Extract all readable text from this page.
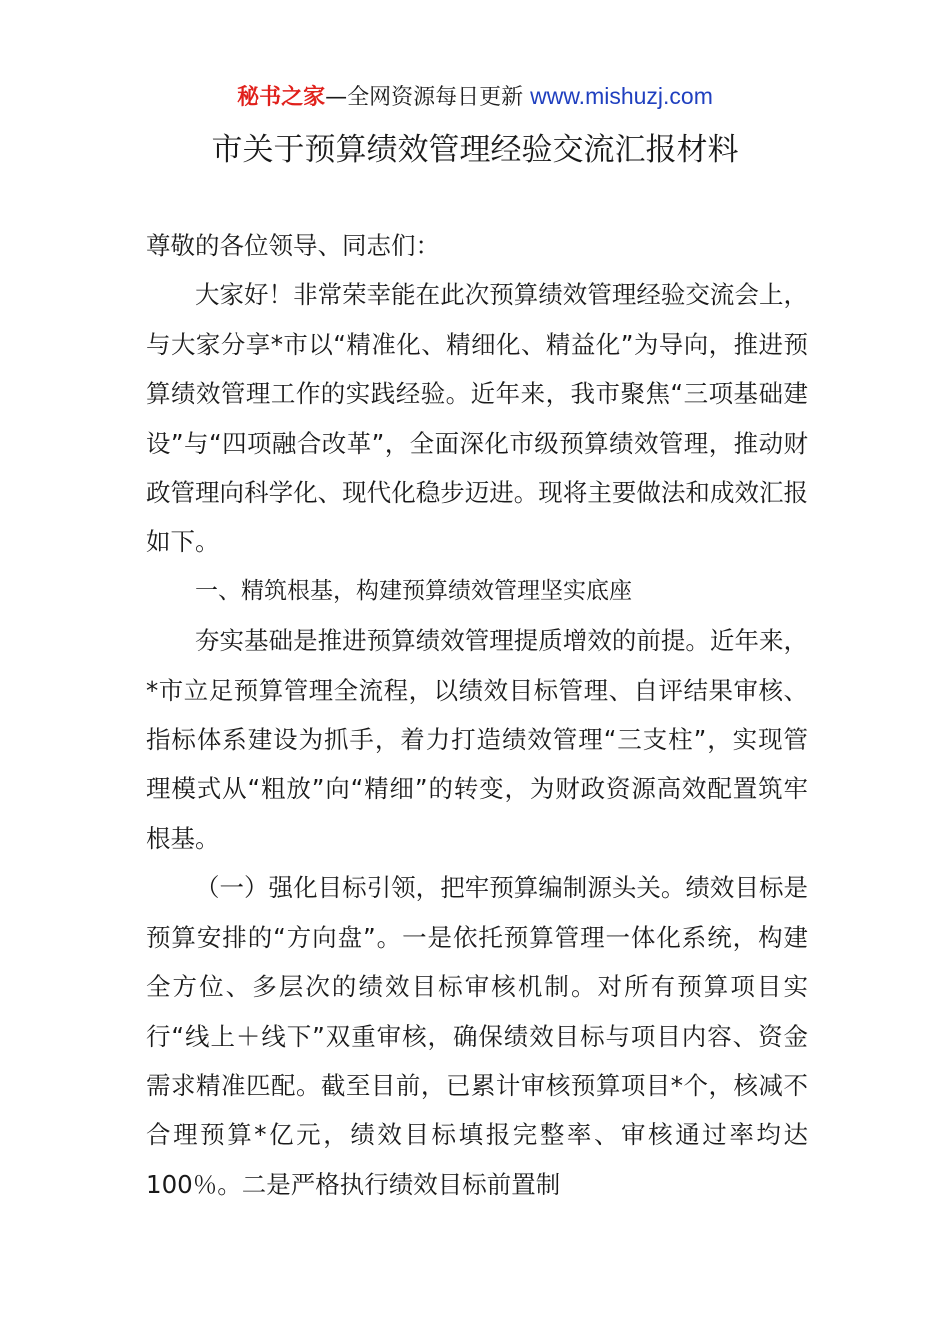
秘书之家—全网资源每日更新 www.mishuzj.com
市关于预算绩效管理经验交流汇报材料

尊敬的各位领导、同志们：

大家好！非常荣幸能在此次预算绩效管理经验交流会上，与大家分享*市以“精准化、精细化、精益化”为导向，推进预算绩效管理工作的实践经验。近年来，我市聚焦“三项基础建设”与“四项融合改革”，全面深化市级预算绩效管理，推动财政管理向科学化、现代化稳步迈进。现将主要做法和成效汇报如下。

一、精筑根基，构建预算绩效管理坚实底座

夯实基础是推进预算绩效管理提质增效的前提。近年来，*市立足预算管理全流程，以绩效目标管理、自评结果审核、指标体系建设为抓手，着力打造绩效管理“三支柱”，实现管理模式从“粗放”向“精细”的转变，为财政资源高效配置筑牢根基。

（一）强化目标引领，把牢预算编制源头关。绩效目标是预算安排的“方向盘”。一是依托预算管理一体化系统，构建全方位、多层次的绩效目标审核机制。对所有预算项目实行“线上＋线下”双重审核，确保绩效目标与项目内容、资金需求精准匹配。截至目前，已累计审核预算项目*个，核减不合理预算*亿元，绩效目标填报完整率、审核通过率均达 100％。二是严格执行绩效目标前置制
